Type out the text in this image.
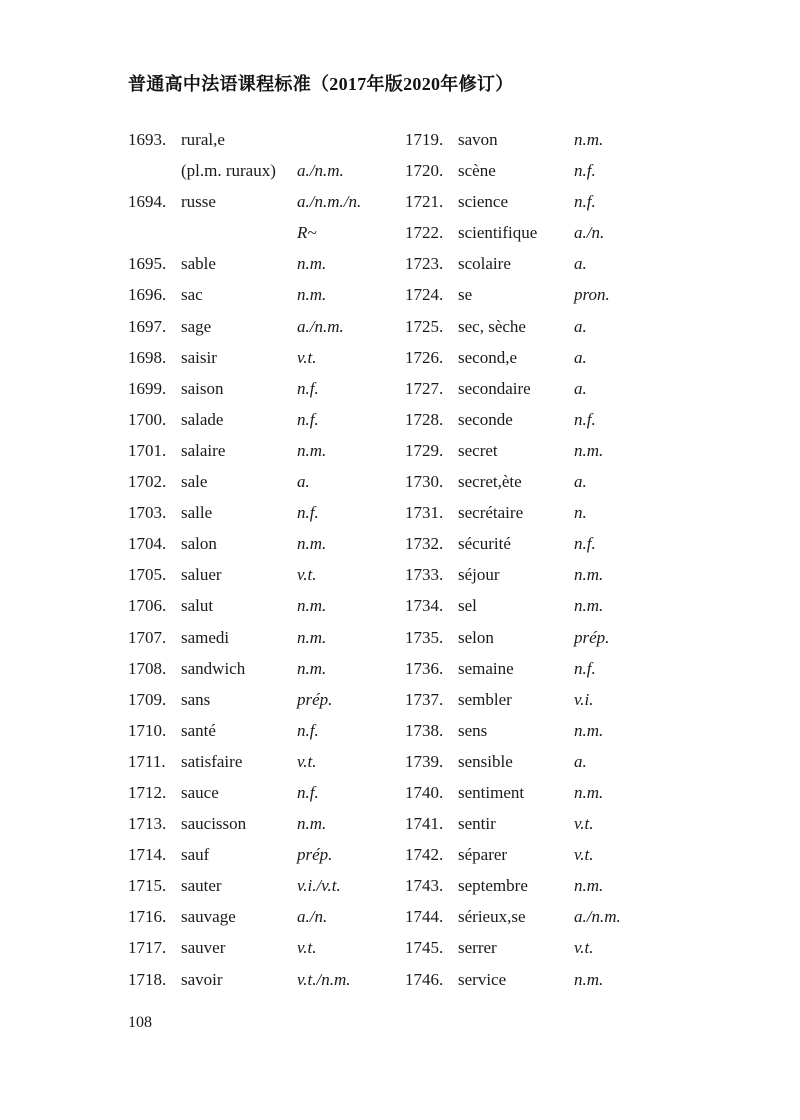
普通高中法语课程标准（2017年版2020年修订）
1693. rural,e
(pl.m. ruraux) a./n.m.
1694. russe	a./n.m./n.
R~
1695. sable	n.m.
1696. sac	n.m.
1697. sage	a./n.m.
1698. saisir	v.t.
1699. saison	n.f.
1700. salade	n.f.
1701. salaire	n.m.
1702. sale	a.
1703. salle	n.f.
1704. salon	n.m.
1705. saluer	v.t.
1706. salut	n.m.
1707. samedi	n.m.
1708. sandwich	n.m.
1709. sans	prép.
1710. santé	n.f.
1711. satisfaire	v.t.
1712. sauce	n.f.
1713. saucisson	n.m.
1714. sauf	prép.
1715. sauter	v.i./v.t.
1716. sauvage	a./n.
1717. sauver	v.t.
1718. savoir	v.t./n.m.
1719. savon	n.m.
1720. scène	n.f.
1721. science	n.f.
1722. scientifique a./n.
1723. scolaire	a.
1724. se	pron.
1725. sec, sèche	a.
1726. second,e	a.
1727. secondaire	a.
1728. seconde	n.f.
1729. secret	n.m.
1730. secret,ète	a.
1731. secrétaire	n.
1732. sécurité	n.f.
1733. séjour	n.m.
1734. sel	n.m.
1735. selon	prép.
1736. semaine	n.f.
1737. sembler	v.i.
1738. sens	n.m.
1739. sensible	a.
1740. sentiment	n.m.
1741. sentir	v.t.
1742. séparer	v.t.
1743. septembre	n.m.
1744. sérieux,se	a./n.m.
1745. serrer	v.t.
1746. service	n.m.
108
